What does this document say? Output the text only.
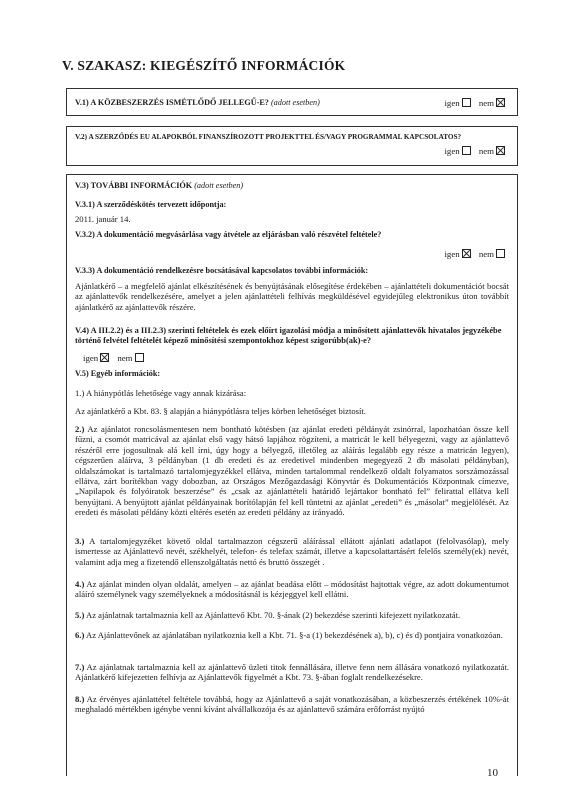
V. SZAKASZ: KIEGÉSZÍTŐ INFORMÁCIÓK
V.1) A KÖZBESZERZÉS ISMÉTLŐDŐ JELLEGŰ-E? (adott esetben)	igen nem
V.2) A SZERZŐDÉS EU ALAPOKBÓL FINANSZÍROZOTT PROJEKTTEL ÉS/VAGY PROGRAMMAL KAPCSOLATOS?
igen nem
V.3) TOVÁBBI INFORMÁCIÓK (adott esetben)
V.3.1) A szerződéskötés tervezett időpontja:
2011. január 14.
V.3.2) A dokumentáció megvásárlása vagy átvétele az eljárásban való részvétel feltétele?
igen nem
V.3.3) A dokumentáció rendelkezésre bocsátásával kapcsolatos további információk:
Ajánlatkérő – a megfelelő ajánlat elkészítésének és benyújtásának elősegítése érdekében – ajánlattételi dokumentációt bocsát az ajánlattevők rendelkezésére, amelyet a jelen ajánlattételi felhívás megküldésével egyidejűleg elektronikus úton továbbít ajánlatkérő az ajánlattevők részére.
V.4) A III.2.2) és a III.2.3) szerinti feltételek és ezek előírt igazolási módja a minősített ajánlattevők hivatalos jegyzékébe történő felvétel feltételét képező minősítési szempontokhoz képest szigorúbb(ak)-e?
igen nem
V.5) Egyéb információk:
1.) A hiánypótlás lehetősége vagy annak kizárása:
Az ajánlatkérő a Kbt. 83. § alapján a hiánypótlásra teljes körben lehetőséget biztosít.
2.) Az ajánlatot roncsolásmentesen nem bontható kötésben (az ajánlat eredeti példányát zsinórral, lapozhatóan össze kell fűzni, a csomót matricával az ajánlat első vagy hátsó lapjához rögzíteni, a matricát le kell bélyegezni, vagy az ajánlattevő részéről erre jogosultnak alá kell írni, úgy hogy a bélyegző, illetőleg az aláírás legalább egy része a matricán legyen), cégszerűen aláírva, 3 példányban (1 db eredeti és az eredetivel mindenben megegyező 2 db másolati példányban), oldalszámokat is tartalmazó tartalomjegyzékkel ellátva, minden tartalommal rendelkező oldalt folyamatos sorszámozással ellátva, zárt borítékban vagy dobozban, az Országos Mezőgazdasági Könyvtár és Dokumentációs Központnak címezve, „Napilapok és folyóiratok beszerzése” és „csak az ajánlattételi határidő lejártakor bontható fel” felirattal ellátva kell benyújtani. A benyújtott ajánlat példányainak borítólapján fel kell tüntetni az ajánlat „eredeti” és „másolat” megjelölését. Az eredeti és másolati példány közti eltérés esetén az eredeti példány az irányadó.
3.) A tartalomjegyzéket követő oldal tartalmazzon cégszerű aláírással ellátott ajánlati adatlapot (felolvasólap), mely ismertesse az Ajánlattevő nevét, székhelyét, telefon- és telefax számát, illetve a kapcsolattartásért felelős személy(ek) nevét, valamint adja meg a fizetendő ellenszolgáltatás nettó és bruttó összegét .
4.) Az ajánlat minden olyan oldalát, amelyen – az ajánlat beadása előtt – módosítást hajtottak végre, az adott dokumentumot aláíró személynek vagy személyeknek a módosításnál is kézjeggyel kell ellátni.
5.) Az ajánlatnak tartalmaznia kell az Ajánlattevő Kbt. 70. §-ának (2) bekezdése szerinti kifejezett nyilatkozatát.
6.) Az Ajánlattevőnek az ajánlatában nyilatkoznia kell a Kbt. 71. §-a (1) bekezdésének a), b), c) és d) pontjaira vonatkozóan.
7.) Az ajánlatnak tartalmaznia kell az ajánlattevő üzleti titok fennállására, illetve fenn nem állására vonatkozó nyilatkozatát. Ajánlatkérő kifejezetten felhívja az Ajánlattevők figyelmét a Kbt. 73. §-ában foglalt rendelkezésekre.
8.) Az érvényes ajánlattétel feltétele továbbá, hogy az Ajánlattevő a saját vonatkozásában, a közbeszerzés értékének 10%-át meghaladó mértékben igénybe venni kívánt alvállalkozója és az ajánlattevő számára erőforrást nyújtó
10
